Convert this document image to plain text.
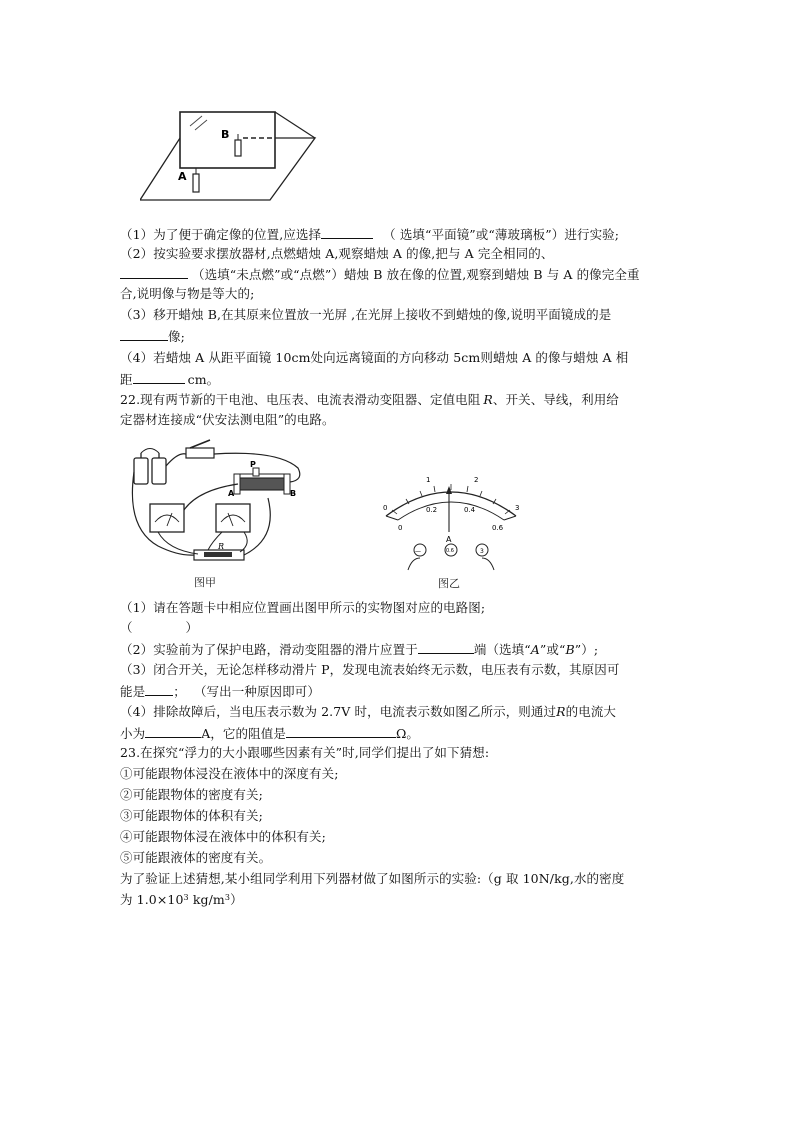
B
A
（1）为了便于确定像的位置,应选择	（ 选填“平面镜”或“薄玻璃板”）进行实验;
（2）按实验要求摆放器材,点燃蜡烛 A,观察蜡烛 A 的像,把与 A 完全相同的、
（选填“未点燃”或“点燃”）蜡烛 B 放在像的位置,观察到蜡烛 B 与 A 的像完全重
合,说明像与物是等大的;
（3）移开蜡烛 B,在其原来位置放一光屏 ,在光屏上接收不到蜡烛的像,说明平面镜成的是
像;
（4）若蜡烛 A 从距平面镜 10cm处向远离镜面的方向移动 5cm则蜡烛 A 的像与蜡烛 A 相
距	cm。
22.现有两节新的干电池、电压表、电流表滑动变阻器、定值电阻 R、开关、导线，利用给
定器材连接成“伏安法测电阻”的电路。
P
A	B
R
图甲
0
1	2
3
0
0.2	0.4
0.6
A
—	0.6	3
图乙
（1）请在答题卡中相应位置画出图甲所示的实物图对应的电路图;
（             ）
（2）实验前为了保护电路，滑动变阻器的滑片应置于	端（选填“A”或“B”）;
（3）闭合开关，无论怎样移动滑片 P，发现电流表始终无示数，电压表有示数，其原因可
能是 ；  （写出一种原因即可）
（4）排除故障后，当电压表示数为 2.7V 时，电流表示数如图乙所示，则通过R的电流大
小为	A，它的阻值是	Ω。
23.在探究“浮力的大小跟哪些因素有关”时,同学们提出了如下猜想:
①可能跟物体浸没在液体中的深度有关;
②可能跟物体的密度有关;
③可能跟物体的体积有关;
④可能跟物体浸在液体中的体积有关;
⑤可能跟液体的密度有关。
为了验证上述猜想,某小组同学利用下列器材做了如图所示的实验:（g 取 10N/kg,水的密度
为 $1.0\times 10^3$ $kg/m^3$）
